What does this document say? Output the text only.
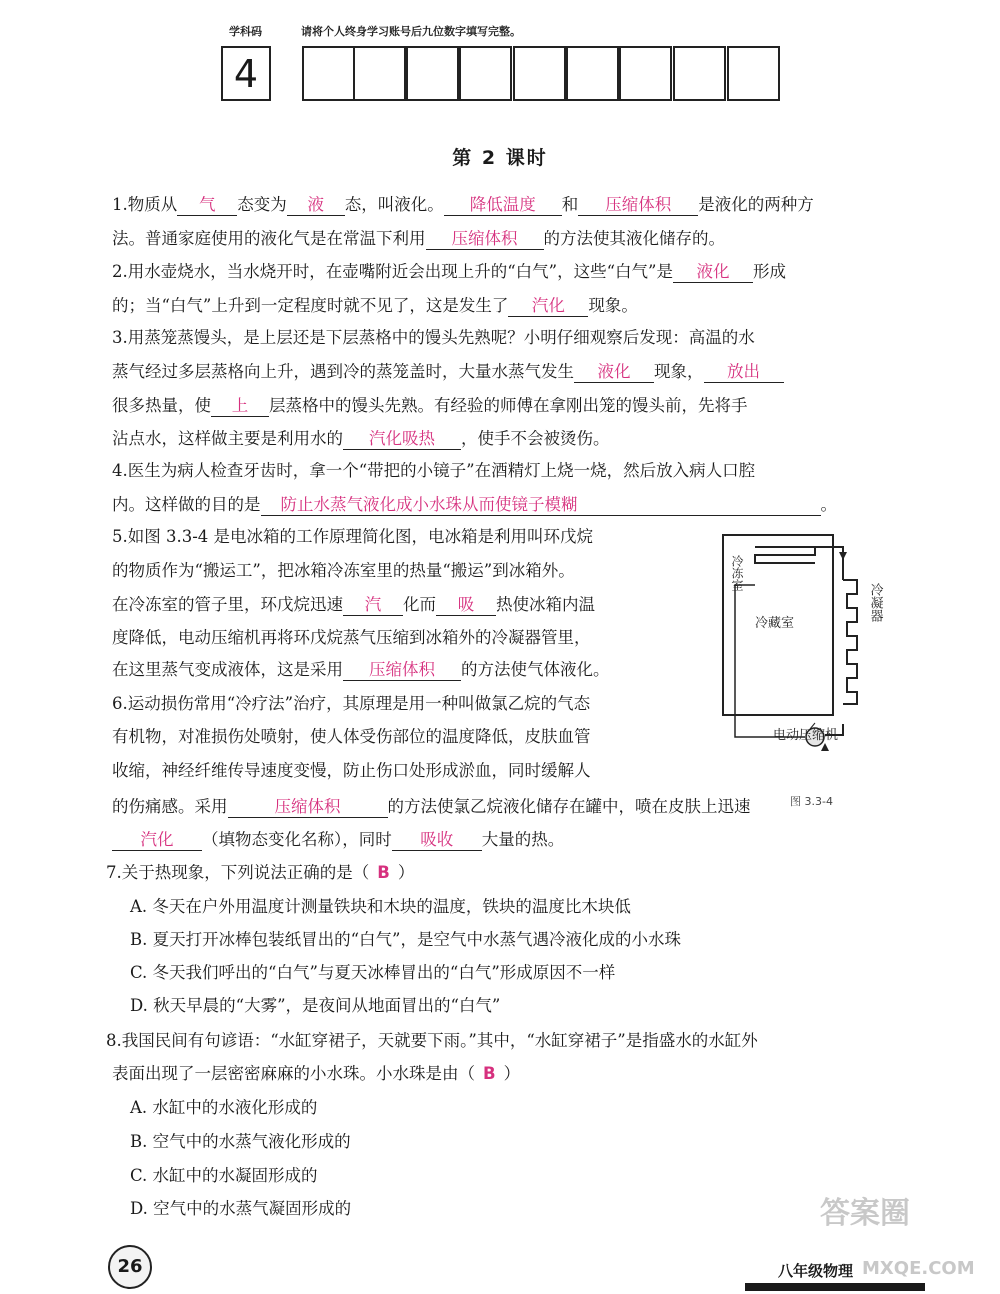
学科码	请将个人终身学习账号后九位数字填写完整。
4
第 2 课时
1.物质从 气 态变为 液 态，叫液化。 降低温度 和 压缩体积 是液化的两种方
法。普通家庭使用的液化气是在常温下利用 压缩体积 的方法使其液化储存的。
2.用水壶烧水，当水烧开时，在壶嘴附近会出现上升的“白气”，这些“白气”是 液化 形成
的；当“白气”上升到一定程度时就不见了，这是发生了 汽化 现象。
3.用蒸笼蒸馒头，是上层还是下层蒸格中的馒头先熟呢？小明仔细观察后发现：高温的水
蒸气经过多层蒸格向上升，遇到冷的蒸笼盖时，大量水蒸气发生 液化 现象， 放出
很多热量，使 上 层蒸格中的馒头先熟。有经验的师傅在拿刚出笼的馒头前，先将手
沾点水，这样做主要是利用水的 汽化吸热 ，使手不会被烫伤。
4.医生为病人检查牙齿时，拿一个“带把的小镜子”在酒精灯上烧一烧，然后放入病人口腔
内。这样做的目的是 防止水蒸气液化成小水珠从而使镜子模糊	。
5.如图 3.3-4 是电冰箱的工作原理简化图，电冰箱是利用叫环戊烷
的物质作为“搬运工”，把冰箱冷冻室里的热量“搬运”到冰箱外。
在冷冻室的管子里，环戊烷迅速 汽 化而 吸 热使冰箱内温
度降低，电动压缩机再将环戊烷蒸气压缩到冰箱外的冷凝器管里，
在这里蒸气变成液体，这是采用 压缩体积 的方法使气体液化。
6.运动损伤常用“冷疗法”治疗，其原理是用一种叫做氯乙烷的气态
有机物，对准损伤处喷射，使人体受伤部位的温度降低，皮肤血管
收缩，神经纤维传导速度变慢，防止伤口处形成淤血，同时缓解人
的伤痛感。采用	压缩体积	的方法使氯乙烷液化储存在罐中，喷在皮肤上迅速
汽化 （填物态变化名称），同时 吸收 大量的热。
7.关于热现象，下列说法正确的是（ B ）
A. 冬天在户外用温度计测量铁块和木块的温度，铁块的温度比木块低
B. 夏天打开冰棒包装纸冒出的“白气”，是空气中水蒸气遇冷液化成的小水珠
C. 冬天我们呼出的“白气”与夏天冰棒冒出的“白气”形成原因不一样
D. 秋天早晨的“大雾”，是夜间从地面冒出的“白气”
8.我国民间有句谚语：“水缸穿裙子，天就要下雨。”其中，“水缸穿裙子”是指盛水的水缸外
表面出现了一层密密麻麻的小水珠。小水珠是由（ B ）
A. 水缸中的水液化形成的
B. 空气中的水蒸气液化形成的
C. 水缸中的水凝固形成的
D. 空气中的水蒸气凝固形成的
冷冻室
冷藏室
冷凝器
电动压缩机
图 3.3-4
26	八年级物理
答案圈
MXQE.COM
